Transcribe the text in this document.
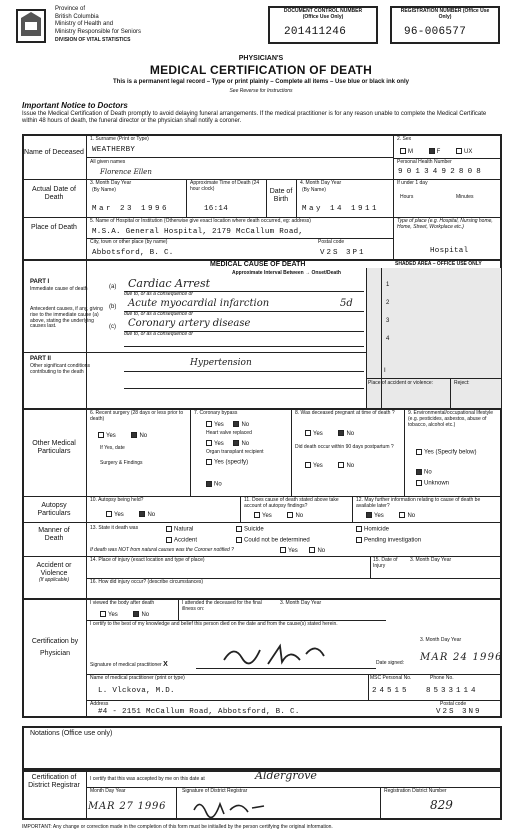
Province of
British Columbia
Ministry of Health and
Ministry Responsible for Seniors
DIVISION OF VITAL STATISTICS
DOCUMENT CONTROL NUMBER (Office Use Only)
201411246
REGISTRATION NUMBER (Office Use Only)
96-006577
PHYSICIAN'S
MEDICAL CERTIFICATION OF DEATH
This is a permanent legal record – Type or print plainly – Complete all items – Use blue or black ink only
See Reverse for Instructions
Important Notice to Doctors
Issue the Medical Certification of Death promptly to avoid delaying funeral arrangements. If the medical practitioner is for any reason unable to complete the Medical Certificate within 48 hours of death, the funeral director or the physician shall notify a coroner.
Name of Deceased
1. Surname (Print or Type)
WEATHERBY
All given names
Florence Ellen
2. Sex
M	F	UX
Personal Health Number
9013492808
Actual Date of Death
3. Month Day Year
(By Name)
Mar 23 1996
Approximate Time of Death (24 hour clock)
16:14
Date of Birth
4. Month Day Year
(By Name)
May 14 1911
If under 1 day
Hours	Minutes
Place of Death
5. Name of Hospital or Institution (Otherwise give exact location where death occurred, eg: address)
M.S.A. General Hospital, 2179 McCallum Road,
City, town or other place (by name)
Abbotsford, B. C.
Postal code
V2S 3P1
Type of place (e.g. Hospital, Nursing home, Home, Street, Workplace etc.)
Hospital
MEDICAL CAUSE OF DEATH	SHADED AREA – OFFICE USE ONLY
Approximate Interval Between → Onset/Death
1
2
3
4
I
Place of accident or violence:	Reject:
PART I
Immediate cause of death
Antecedent causes, if any, giving rise to the immediate cause (a) above, stating the underlying causes last.
(a) Cardiac Arrest
due to, or as a consequence of
(b) Acute myocardial infarction	5d
due to, or as a consequence of
(c) Coronary artery disease
due to, or as a consequence of
PART II
Other significant conditions contributing to the death
Hypertension
Other Medical Particulars
6. Recent surgery (28 days or less prior to death)
Yes	No
If Yes, date
Surgery & Findings
7. Coronary bypass
Yes	No
Heart valve replaced
Yes	No
Organ transplant recipient
Yes (specify)
No
8. Was deceased pregnant at time of death ?
Yes	No
Did death occur within 90 days postpartum ?
Yes	No
9. Environmental/occupational lifestyle (e.g. pesticides, asbestos, abuse of tobacco, alcohol etc.)
Yes (Specify below)
No
Unknown
Autopsy Particulars
10. Autopsy being held?
Yes	No
11. Does cause of death stated above take account of autopsy findings?
Yes	No
12. May further information relating to cause of death be available later?
Yes	No
Manner of Death
13. State it death was	Natural	Suicide	Homicide
Accident	Could not be determined	Pending investigation
If death was NOT from natural causes was the Coroner notified ?	Yes	No
Accident or Violence
(If applicable)
14. Place of injury (exact location and type of place)	15. Date of Injury
3. Month Day Year
16. How did injury occur? (describe circumstances)
Certification by Physician
I viewed the body after death
Yes	No
I attended the deceased for the final illness on:
3. Month Day Year
I certify to the best of my knowledge and belief this person died on the date and from the cause(s) stated herein.
Signature of medical practitioner X	Date signed:
3. Month Day Year
MAR 24 1996
Name of medical practitioner (print or type)
L. Vlckova, M.D.
MSC Personal No.	Phone No.
24515 8533114
Address
#4 - 2151 McCallum Road, Abbotsford, B. C.
Postal code
V2S 3N9
Notations (Office use only)
Certification of District Registrar
I certify that this was accepted by me on this date at	Aldergrove
Month Day Year
MAR 27 1996
Signature of District Registrar	Registration District Number
829
IMPORTANT: Any change or correction made in the completion of this form must be initialled by the person certifying the original information.
